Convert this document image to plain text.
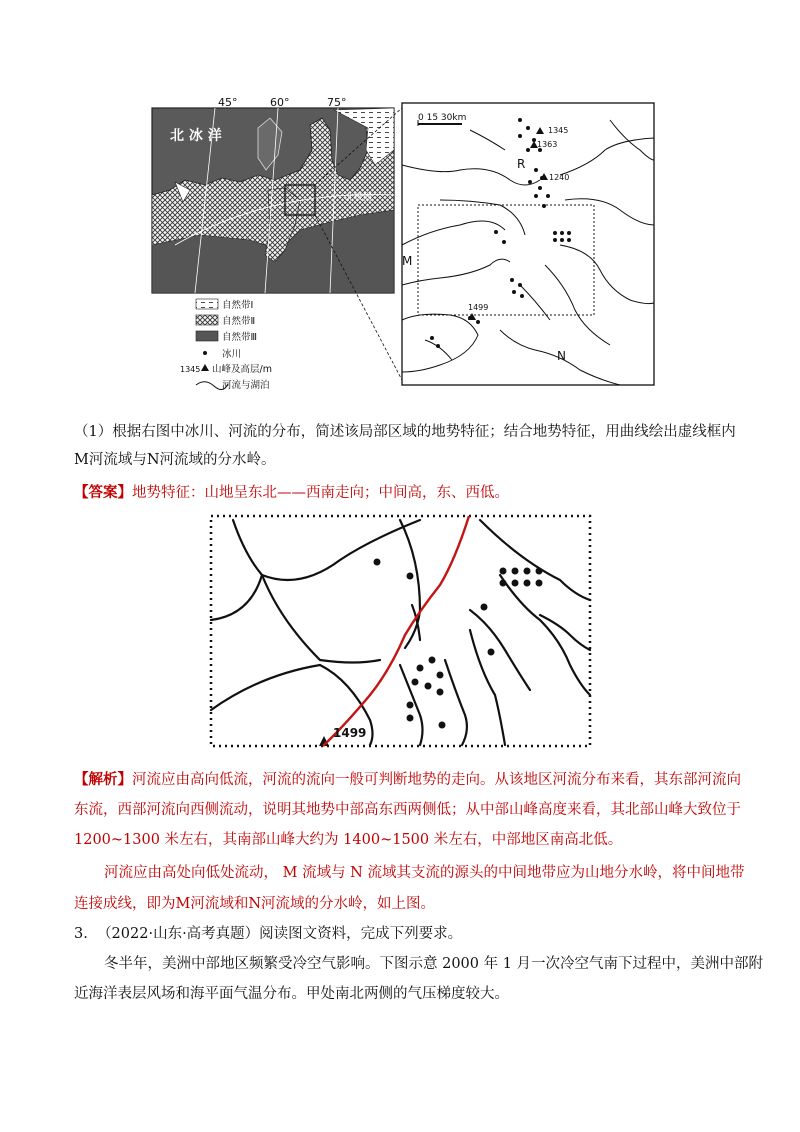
45°	60°	75°
北 冰 洋
北极圈
自然带Ⅰ
自然带Ⅱ
自然带Ⅲ
冰川
1345 山峰及高层/m
河流与湖泊
0 15 30km
1345
1363
1240
1499
R
M
N
（1）根据右图中冰川、河流的分布，简述该局部区域的地势特征；结合地势特征，用曲线绘出虚线框内
M河流域与N河流域的分水岭。
【答案】地势特征：山地呈东北——西南走向；中间高，东、西低。
1499
【解析】河流应由高向低流，河流的流向一般可判断地势的走向。从该地区河流分布来看，其东部河流向
东流，西部河流向西侧流动，说明其地势中部高东西两侧低；从中部山峰高度来看，其北部山峰大致位于
1200~1300 米左右，其南部山峰大约为 1400~1500 米左右，中部地区南高北低。
河流应由高处向低处流动， M 流域与 N 流域其支流的源头的中间地带应为山地分水岭，将中间地带
连接成线，即为M河流域和N河流域的分水岭，如上图。
3. （2022·山东·高考真题）阅读图文资料，完成下列要求。
冬半年，美洲中部地区频繁受冷空气影响。下图示意 2000 年 1 月一次冷空气南下过程中，美洲中部附
近海洋表层风场和海平面气温分布。甲处南北两侧的气压梯度较大。
